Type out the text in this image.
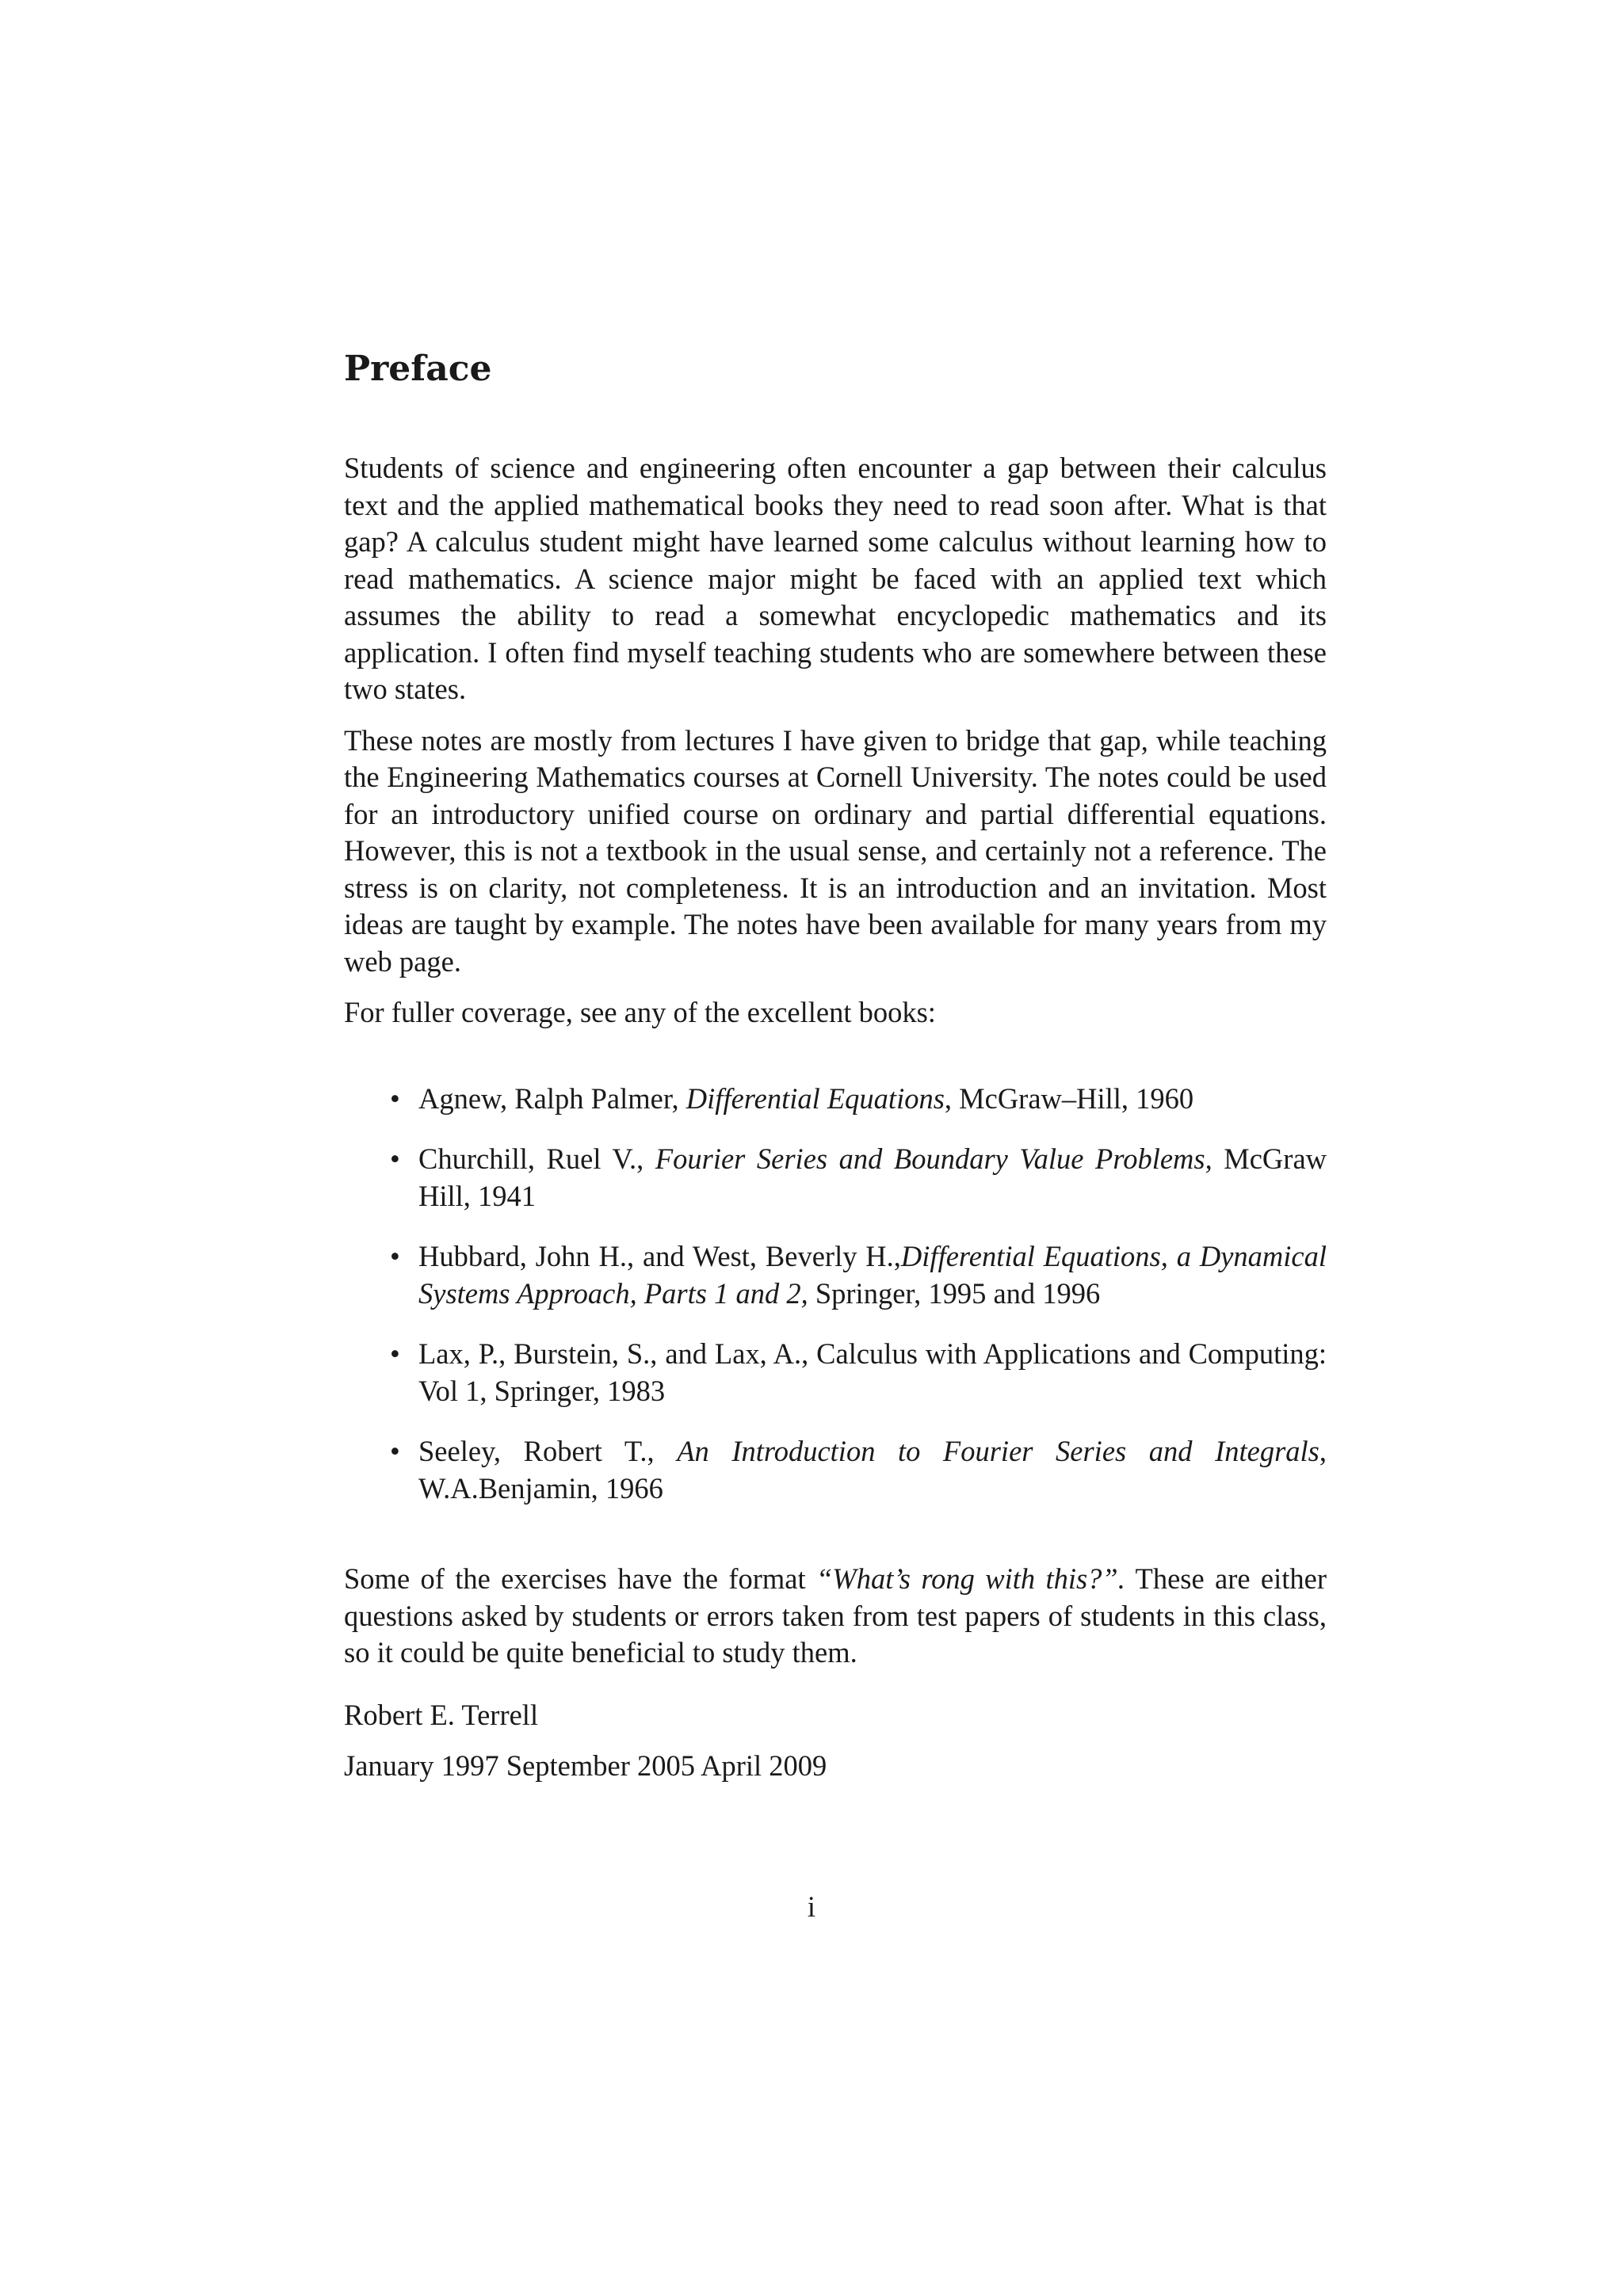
Preface

Students of science and engineering often encounter a gap between their calculus text and the applied mathematical books they need to read soon after. What is that gap? A calculus student might have learned some calculus without learning how to read mathematics. A science major might be faced with an applied text which assumes the ability to read a somewhat encyclopedic mathematics and its application. I often find myself teaching students who are somewhere between these two states.

These notes are mostly from lectures I have given to bridge that gap, while teaching the Engineering Mathematics courses at Cornell University. The notes could be used for an introductory unified course on ordinary and partial differential equations. However, this is not a textbook in the usual sense, and certainly not a reference. The stress is on clarity, not completeness. It is an introduction and an invitation. Most ideas are taught by example. The notes have been available for many years from my web page.

For fuller coverage, see any of the excellent books:

• Agnew, Ralph Palmer, Differential Equations, McGraw–Hill, 1960
• Churchill, Ruel V., Fourier Series and Boundary Value Problems, McGraw Hill, 1941
• Hubbard, John H., and West, Beverly H.,Differential Equations, a Dynamical Systems Approach, Parts 1 and 2, Springer, 1995 and 1996
• Lax, P., Burstein, S., and Lax, A., Calculus with Applications and Computing: Vol 1, Springer, 1983
• Seeley, Robert T., An Introduction to Fourier Series and Integrals, W.A.Benjamin, 1966

Some of the exercises have the format “What’s rong with this?”. These are either questions asked by students or errors taken from test papers of students in this class, so it could be quite beneficial to study them.

Robert E. Terrell

January 1997 September 2005 April 2009

i
